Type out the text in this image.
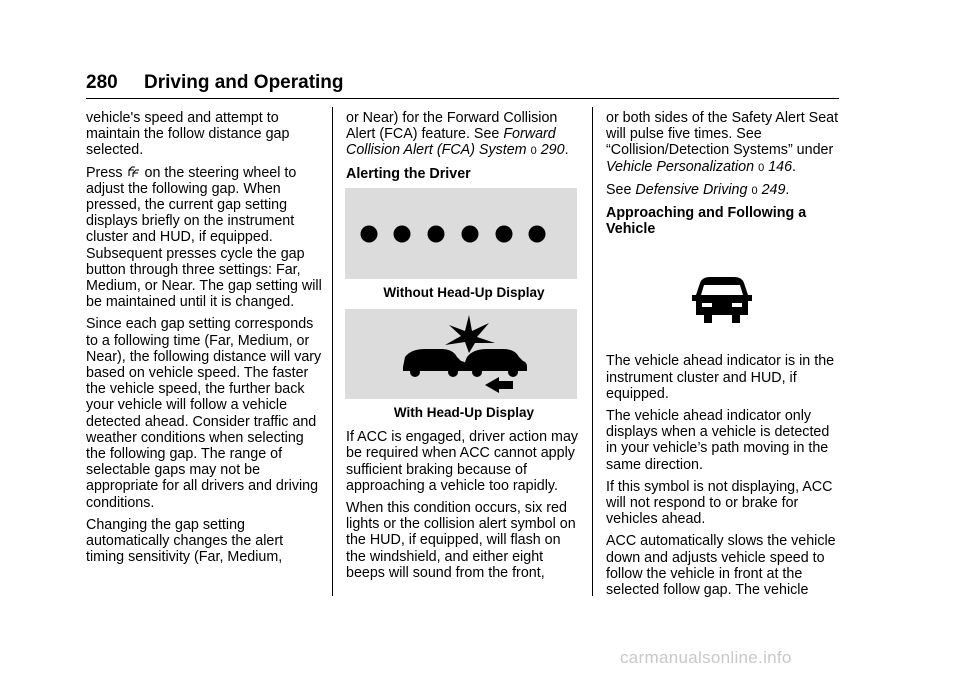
280 Driving and Operating

vehicle's speed and attempt to maintain the follow distance gap selected.

Press on the steering wheel to adjust the following gap. When pressed, the current gap setting displays briefly on the instrument cluster and HUD, if equipped. Subsequent presses cycle the gap button through three settings: Far, Medium, or Near. The gap setting will be maintained until it is changed.

Since each gap setting corresponds to a following time (Far, Medium, or Near), the following distance will vary based on vehicle speed. The faster the vehicle speed, the further back your vehicle will follow a vehicle detected ahead. Consider traffic and weather conditions when selecting the following gap. The range of selectable gaps may not be appropriate for all drivers and driving conditions.

Changing the gap setting automatically changes the alert timing sensitivity (Far, Medium,

or Near) for the Forward Collision Alert (FCA) feature. See Forward Collision Alert (FCA) System 0 290.

Alerting the Driver
Without Head-Up Display
With Head-Up Display

If ACC is engaged, driver action may be required when ACC cannot apply sufficient braking because of approaching a vehicle too rapidly.

When this condition occurs, six red lights or the collision alert symbol on the HUD, if equipped, will flash on the windshield, and either eight beeps will sound from the front,

or both sides of the Safety Alert Seat will pulse five times. See “Collision/Detection Systems” under Vehicle Personalization 0 146.

See Defensive Driving 0 249.

Approaching and Following a Vehicle

The vehicle ahead indicator is in the instrument cluster and HUD, if equipped.

The vehicle ahead indicator only displays when a vehicle is detected in your vehicle’s path moving in the same direction.

If this symbol is not displaying, ACC will not respond to or brake for vehicles ahead.

ACC automatically slows the vehicle down and adjusts vehicle speed to follow the vehicle in front at the selected follow gap. The vehicle

carmanualsonline.info
